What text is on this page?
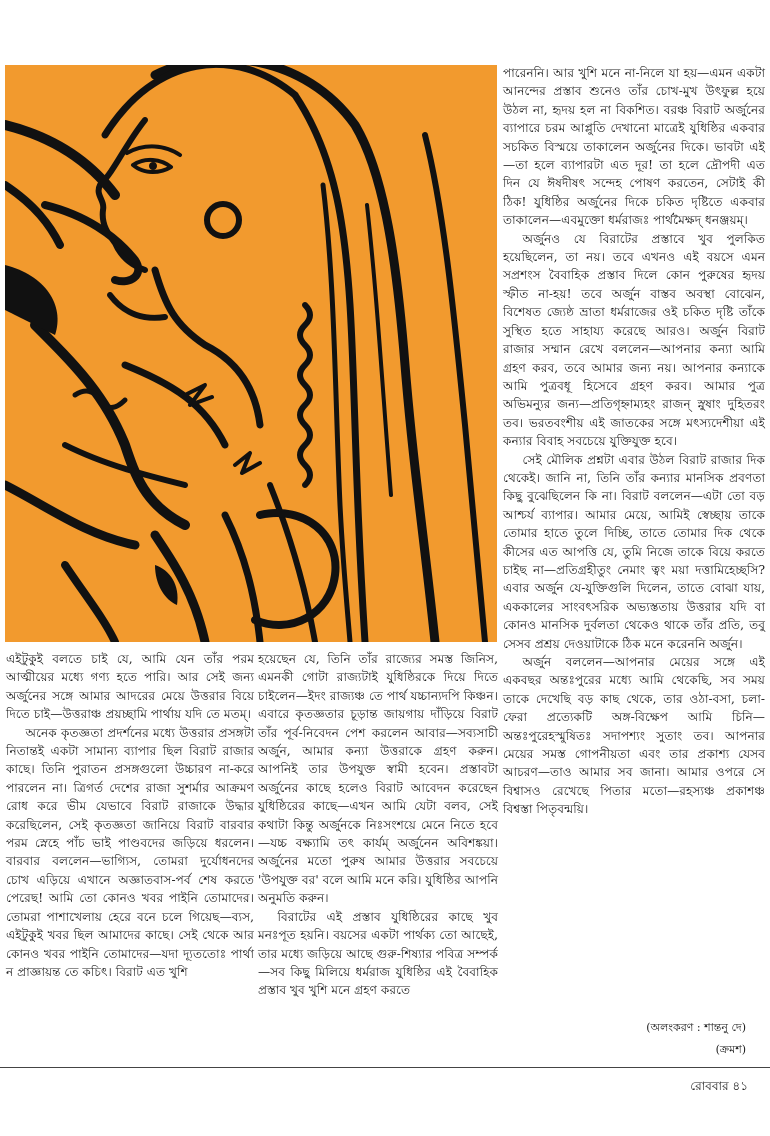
পারেননি। আর খুশি মনে না-নিলে যা হয়—এমন একটা আনন্দের প্রস্তাব শুনেও তাঁর চোখ-মুখ উৎফুল্ল হয়ে উঠল না, হৃদয় হল না বিকশিত। বরঞ্চ বিরাট অর্জুনের ব্যাপারে চরম আপ্লুতি দেখানো মাত্রেই যুধিষ্ঠির একবার সচকিত বিস্ময়ে তাকালেন অর্জুনের দিকে। ভাবটা এই—তা হলে ব্যাপারটা এত দূর! তা হলে দ্রৌপদী এত দিন যে ঈষদীষৎ সন্দেহ পোষণ করতেন, সেটাই কী ঠিক! যুধিষ্ঠির অর্জুনের দিকে চকিত দৃষ্টিতে একবার তাকালেন—এবমুক্তো ধর্মরাজঃ পার্থমৈক্ষদ্ ধনঞ্জয়ম্।

অর্জুনও যে বিরাটের প্রস্তাবে খুব পুলকিত হয়েছিলেন, তা নয়। তবে এখনও এই বয়সে এমন সপ্রশংস বৈবাহিক প্রস্তাব দিলে কোন পুরুষের হৃদয় স্ফীত না-হয়! তবে অর্জুন বাস্তব অবস্থা বোঝেন, বিশেষত জ্যেষ্ঠ ভ্রাতা ধর্মরাজের ওই চকিত দৃষ্টি তাঁকে সুস্থিত হতে সাহায্য করেছে আরও। অর্জুন বিরাট রাজার সম্মান রেখে বললেন—আপনার কন্যা আমি গ্রহণ করব, তবে আমার জন্য নয়। আপনার কন্যাকে আমি পুত্রবধূ হিসেবে গ্রহণ করব। আমার পুত্র অভিমন্যুর জন্য—প্রতিগৃহ্নাম্যহং রাজন্ স্নুষাং দুহিতরং তব। ভরতবংশীয় এই জাতকের সঙ্গে মৎস্যদেশীয়া এই কন্যার বিবাহ সবচেয়ে যুক্তিযুক্ত হবে।

সেই মৌলিক প্রশ্নটা এবার উঠল বিরাট রাজার দিক থেকেই। জানি না, তিনি তাঁর কন্যার মানসিক প্রবণতা কিছু বুঝেছিলেন কি না। বিরাট বললেন—এটা তো বড় আশ্চর্য ব্যাপার। আমার মেয়ে, আমিই স্বেচ্ছায় তাকে তোমার হাতে তুলে দিচ্ছি, তাতে তোমার দিক থেকে কীসের এত আপত্তি যে, তুমি নিজে তাকে বিয়ে করতে চাইছ না—প্রতিগ্রহীতুং নেমাং ত্বং ময়া দত্তামিহেচ্ছসি? এবার অর্জুন যে-যুক্তিগুলি দিলেন, তাতে বোঝা যায়, এককালের সাংবৎসরিক অভ্যস্ততায় উত্তরার যদি বা কোনও মানসিক দুর্বলতা থেকেও থাকে তাঁর প্রতি, তবু সেসব প্রশ্রয় দেওয়াটাকে ঠিক মনে করেননি অর্জুন।

অর্জুন বললেন—আপনার মেয়ের সঙ্গে এই একবছর অন্তঃপুরের মধ্যে আমি থেকেছি, সব সময় তাকে দেখেছি বড় কাছ থেকে, তার ওঠা-বসা, চলা-ফেরা প্রত্যেকটি অঙ্গ-বিক্ষেপ আমি চিনি—অন্তঃপুরেহস্মুষিতঃ সদাপশ্যং সুতাং তব। আপনার মেয়ের সমস্ত গোপনীয়তা এবং তার প্রকাশ্য যেসব আচরণ—তাও আমার সব জানা। আমার ওপরে সে বিশ্বাসও রেখেছে পিতার মতো—রহস্যঞ্চ প্রকাশঞ্চ বিশ্বস্তা পিতৃবন্ময়ি।

এইটুকুই বলতে চাই যে, আমি যেন তাঁর পরম আত্মীয়ের মধ্যে গণ্য হতে পারি। আর সেই জন্য অর্জুনের সঙ্গে আমার আদরের মেয়ে উত্তরার বিয়ে দিতে চাই—উত্তরাঞ্চ প্রয়চ্ছামি পার্থায় যদি তে মতম্।

অনেক কৃতজ্ঞতা প্রদর্শনের মধ্যে উত্তরার প্রসঙ্গটা নিতান্তই একটা সামান্য ব্যাপার ছিল বিরাট রাজার কাছে। তিনি পুরাতন প্রসঙ্গগুলো উচ্চারণ না-করে পারলেন না। ত্রিগর্ত দেশের রাজা সুশর্মার আক্রমণ রোধ করে ভীম যেভাবে বিরাট রাজাকে উদ্ধার করেছিলেন, সেই কৃতজ্ঞতা জানিয়ে বিরাট বারবার পরম স্নেহে পাঁচ ভাই পাণ্ডবদের জড়িয়ে ধরলেন। বারবার বললেন—ভাগ্যিস, তোমরা দুর্যোধনদের চোখ এড়িয়ে এখানে অজ্ঞাতবাস-পর্ব শেষ করতে পেরেছ! আমি তো কোনও খবর পাইনি তোমাদের। তোমরা পাশাখেলায় হেরে বনে চলে গিয়েছ—ব্যস, এইটুকুই খবর ছিল আমাদের কাছে। সেই থেকে আর কোনও খবর পাইনি তোমাদের—যদা দ্যূততোঃ পার্থা ন প্রাজ্ঞায়ন্ত তে কচিৎ। বিরাট এত খুশি

হয়েছেন যে, তিনি তাঁর রাজ্যের সমস্ত জিনিস, এমনকী গোটা রাজ্যটাই যুধিষ্ঠিরকে দিয়ে দিতে চাইলেন—ইদং রাজ্যঞ্চ তে পার্থ যচ্চান্যদপি কিঞ্চন।

এবারে কৃতজ্ঞতার চূড়ান্ত জায়গায় দাঁড়িয়ে বিরাট তাঁর পূর্ব-নিবেদন পেশ করলেন আবার—সব্যসাচী অর্জুন, আমার কন্যা উত্তরাকে গ্রহণ করুন। আপনিই তার উপযুক্ত স্বামী হবেন। প্রস্তাবটা অর্জুনের কাছে হলেও বিরাট আবেদন করেছেন যুধিষ্ঠিরের কাছে—এখন আমি যেটা বলব, সেই কথাটা কিন্তু অর্জুনকে নিঃসংশয়ে মেনে নিতে হবে—যচ্চ বক্ষ্যামি তৎ কার্যম্ অর্জুনেন অবিশঙ্কয়া। অর্জুনের মতো পুরুষ আমার উত্তরার সবচেয়ে 'উপযুক্ত বর' বলে আমি মনে করি। যুধিষ্ঠির আপনি অনুমতি করুন।

বিরাটের এই প্রস্তাব যুধিষ্ঠিরের কাছে খুব মনঃপূত হয়নি। বয়সের একটা পার্থক্য তো আছেই, তার মধ্যে জড়িয়ে আছে গুরু-শিষ্যার পবিত্র সম্পর্ক—সব কিছু মিলিয়ে ধর্মরাজ যুধিষ্ঠির এই বৈবাহিক প্রস্তাব খুব খুশি মনে গ্রহণ করতে

(অলংকরণ : শান্তনু দে)
(ক্রমশ)
রোববার ৪১
